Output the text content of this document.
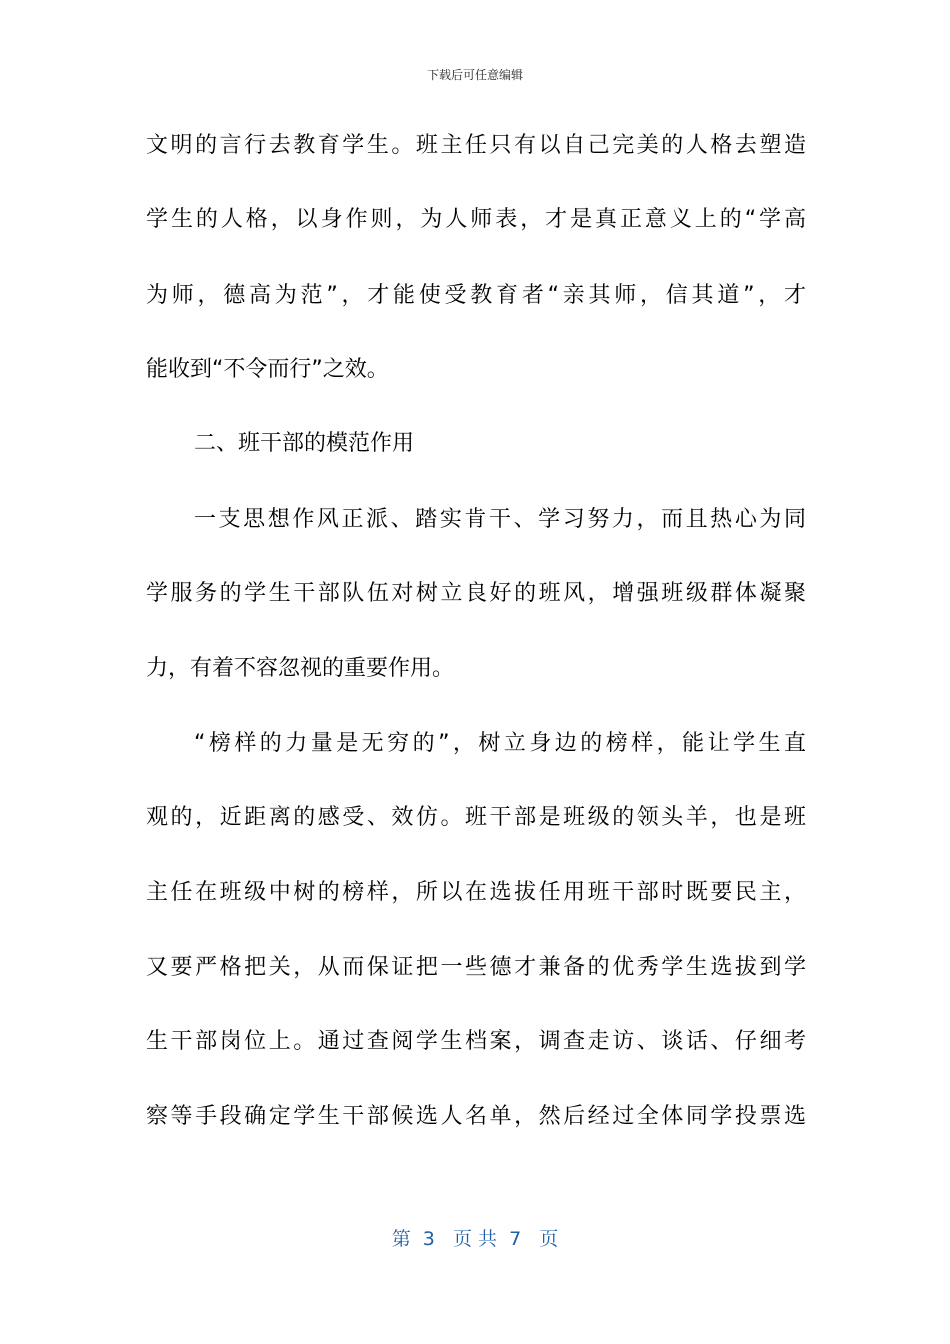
下载后可任意编辑
文明的言行去教育学生。班主任只有以自己完美的人格去塑造
学生的人格，以身作则，为人师表，才是真正意义上的“学高
为师，德高为范”，才能使受教育者“亲其师，信其道”，才
能收到“不令而行”之效。
二、班干部的模范作用
一支思想作风正派、踏实肯干、学习努力，而且热心为同
学服务的学生干部队伍对树立良好的班风，增强班级群体凝聚
力，有着不容忽视的重要作用。
“榜样的力量是无穷的”，树立身边的榜样，能让学生直
观的，近距离的感受、效仿。班干部是班级的领头羊，也是班
主任在班级中树的榜样，所以在选拔任用班干部时既要民主，
又要严格把关，从而保证把一些德才兼备的优秀学生选拔到学
生干部岗位上。通过查阅学生档案，调查走访、谈话、仔细考
察等手段确定学生干部候选人名单，然后经过全体同学投票选
第  3   页 共  7   页
